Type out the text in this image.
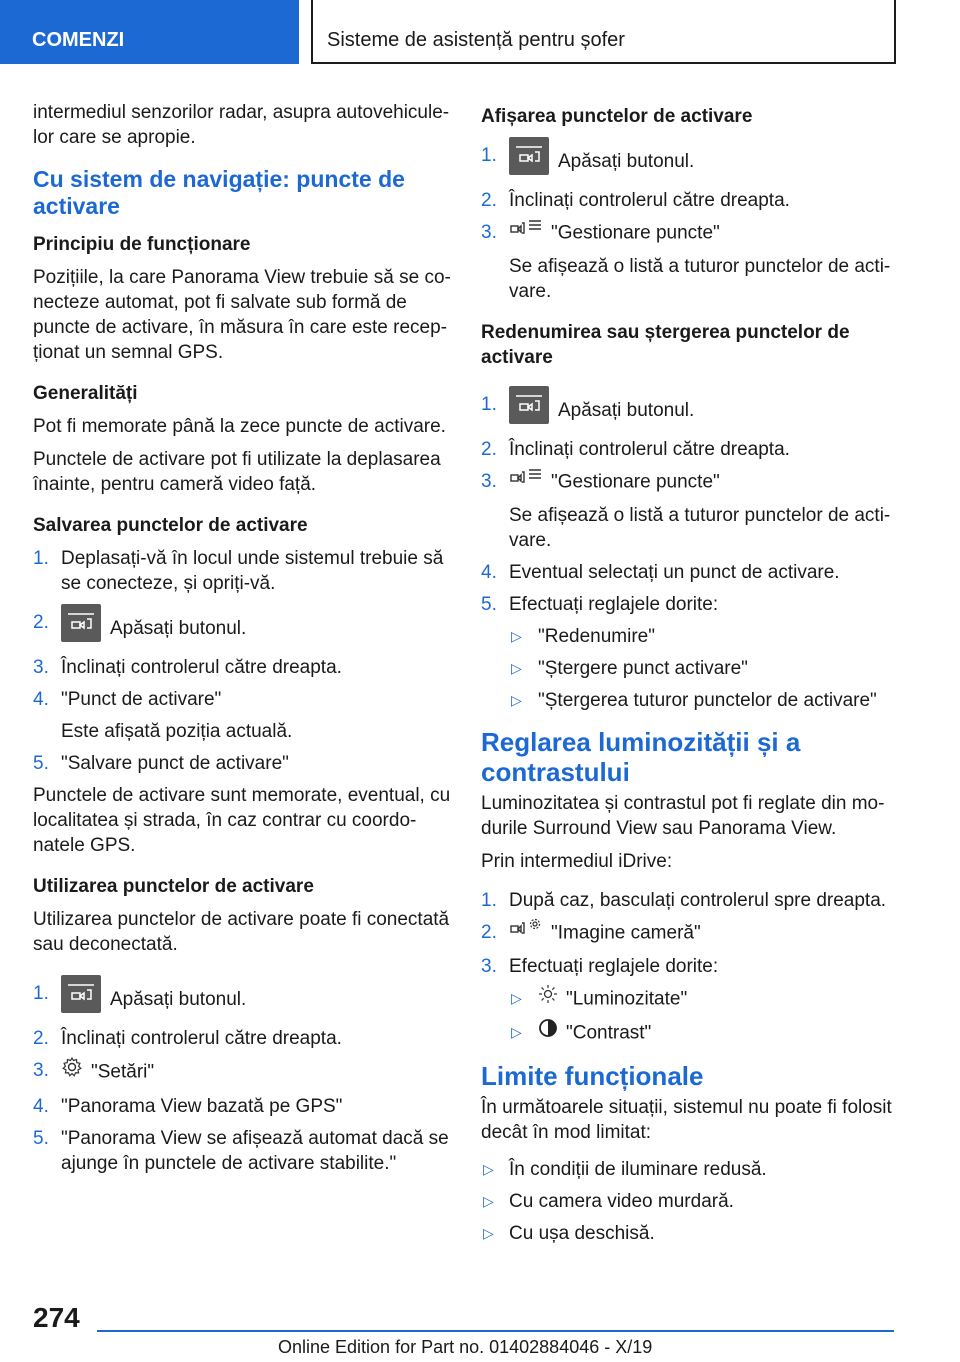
COMENZI	Sisteme de asistență pentru șofer

intermediul senzorilor radar, asupra autovehicule-lor care se apropie.

Cu sistem de navigație: puncte de activare
Principiu de funcționare

Pozițiile, la care Panorama View trebuie să se co-necteze automat, pot fi salvate sub formă de puncte de activare, în măsura în care este recep-ționat un semnal GPS.

Generalități

Pot fi memorate până la zece puncte de activare.

Punctele de activare pot fi utilizate la deplasarea înainte, pentru cameră video față.

Salvarea punctelor de activare
1. Deplasați-vă în locul unde sistemul trebuie să se conecteze, și opriți-vă.
2.	Apăsați butonul.
3. Înclinați controlerul către dreapta.
4. "Punct de activare"
Este afișată poziția actuală.
5. "Salvare punct de activare"

Punctele de activare sunt memorate, eventual, cu localitatea și strada, în caz contrar cu coordo-natele GPS.

Utilizarea punctelor de activare

Utilizarea punctelor de activare poate fi conectată sau deconectată.

1.	Apăsați butonul.
2. Înclinați controlerul către dreapta.
3. "Setări"
4. "Panorama View bazată pe GPS"
5. "Panorama View se afișează automat dacă se ajunge în punctele de activare stabilite."
Afișarea punctelor de activare
1.	Apăsați butonul.
2. Înclinați controlerul către dreapta.
3.	"Gestionare puncte"
Se afișează o listă a tuturor punctelor de acti-vare.
Redenumirea sau ștergerea punctelor de activare
1.	Apăsați butonul.
2. Înclinați controlerul către dreapta.
3.	"Gestionare puncte"
Se afișează o listă a tuturor punctelor de acti-vare.
4. Eventual selectați un punct de activare.
5. Efectuați reglajele dorite:
▷ "Redenumire"
▷ "Ștergere punct activare"
▷ "Ștergerea tuturor punctelor de activare"
Reglarea luminozității și a contrastului

Luminozitatea și contrastul pot fi reglate din mo-durile Surround View sau Panorama View.

Prin intermediul iDrive:

1. După caz, basculați controlerul spre dreapta.
2.	"Imagine cameră"
3. Efectuați reglajele dorite:
▷ "Luminozitate"
▷ "Contrast"
Limite funcționale

În următoarele situații, sistemul nu poate fi folosit decât în mod limitat:

▷ În condiții de iluminare redusă.
▷ Cu camera video murdară.
▷ Cu ușa deschisă.
274
Online Edition for Part no. 01402884046 - X/19
